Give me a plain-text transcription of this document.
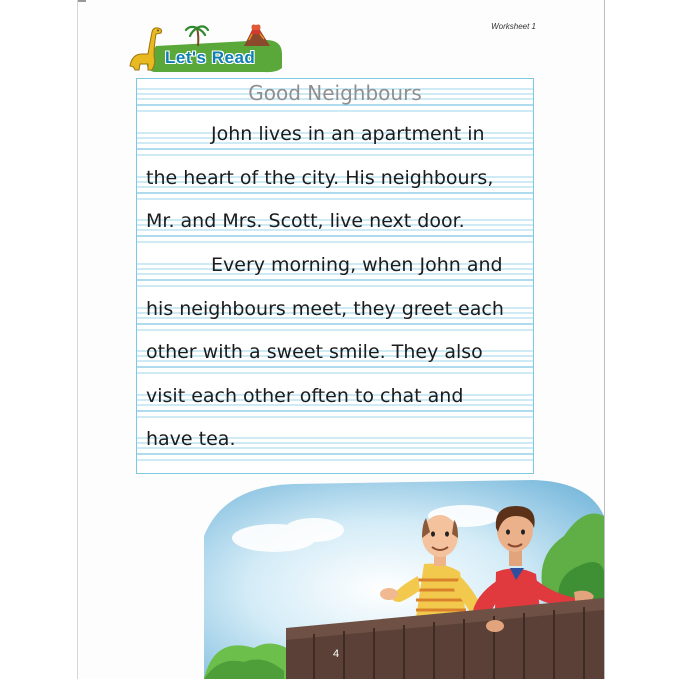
Worksheet 1
Let's Read
Good Neighbours
John lives in an apartment in
the heart of the city. His neighbours,
Mr. and Mrs. Scott, live next door.
Every morning, when John and
his neighbours meet, they greet each
other with a sweet smile. They also
visit each other often to chat and
have tea.
4
